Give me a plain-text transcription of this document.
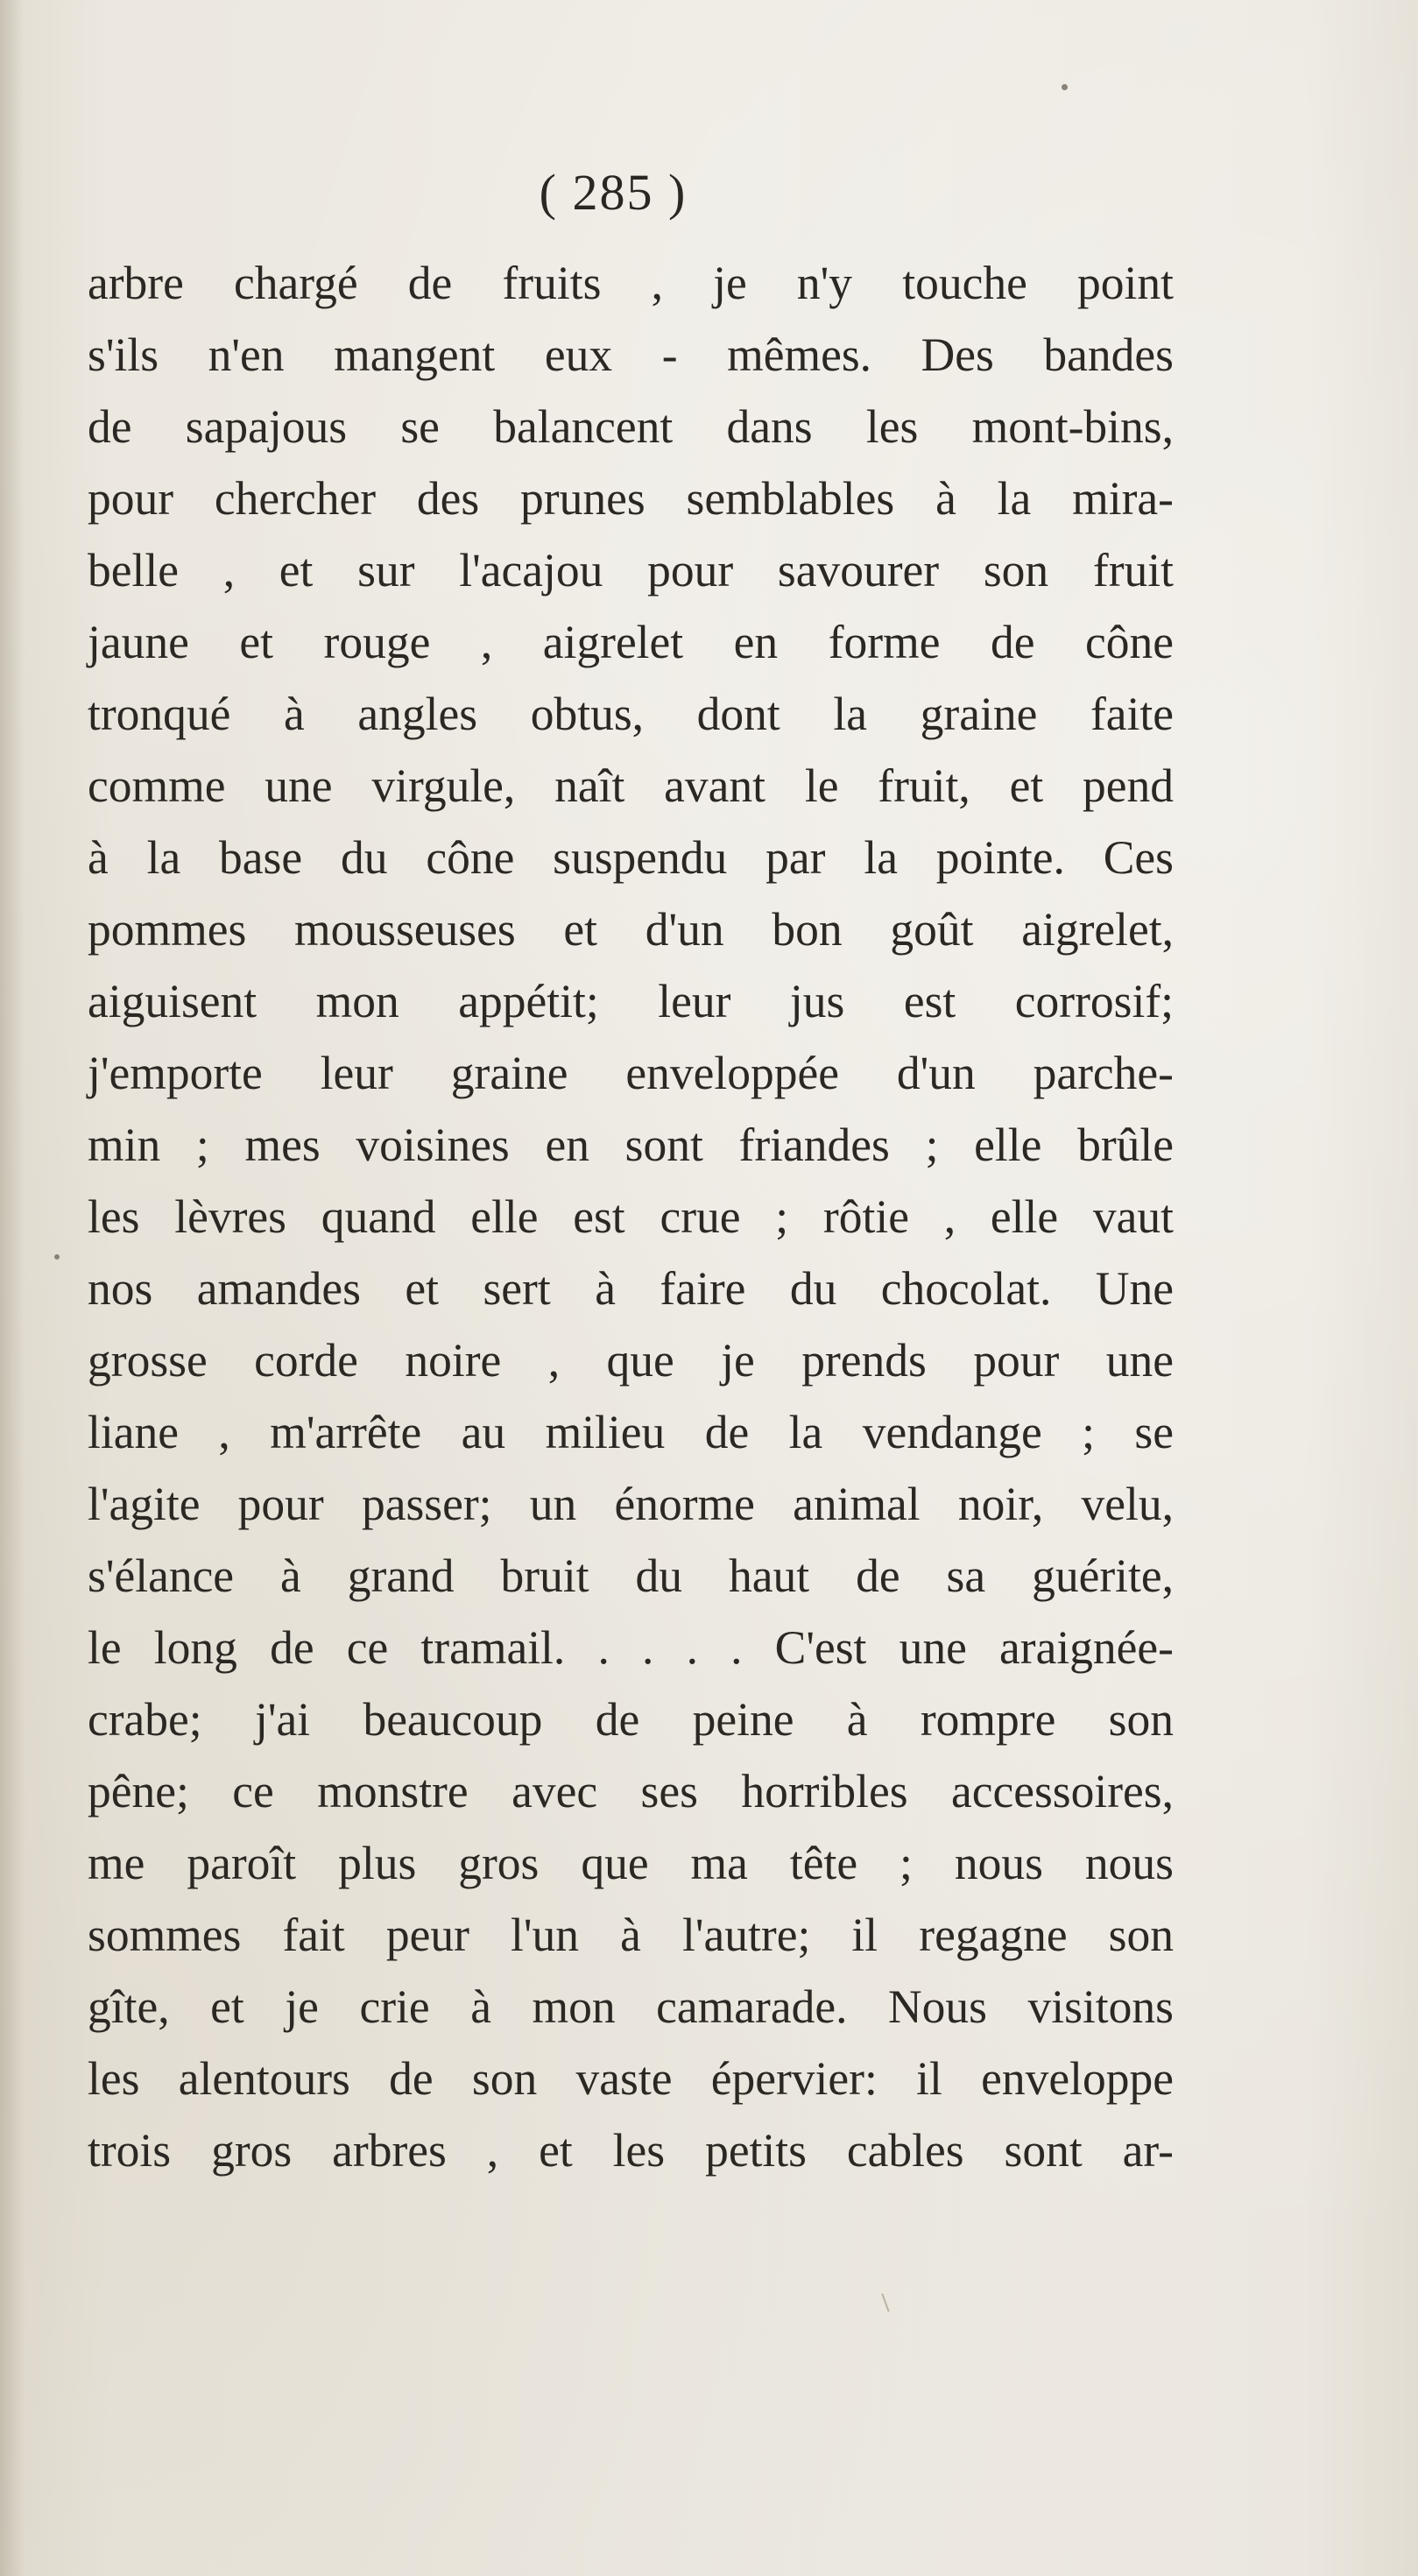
( 285 )
arbre chargé de fruits , je n'y touche point
s'ils n'en mangent eux - mêmes. Des bandes
de sapajous se balancent dans les mont-bins,
pour chercher des prunes semblables à la mira-
belle , et sur l'acajou pour savourer son fruit
jaune et rouge , aigrelet en forme de cône
tronqué à angles obtus, dont la graine faite
comme une virgule, naît avant le fruit, et pend
à la base du cône suspendu par la pointe. Ces
pommes mousseuses et d'un bon goût aigrelet,
aiguisent mon appétit; leur jus est corrosif;
j'emporte leur graine enveloppée d'un parche-
min ; mes voisines en sont friandes ; elle brûle
les lèvres quand elle est crue ; rôtie , elle vaut
nos amandes et sert à faire du chocolat. Une
grosse corde noire , que je prends pour une
liane , m'arrête au milieu de la vendange ; se
l'agite pour passer; un énorme animal noir, velu,
s'élance à grand bruit du haut de sa guérite,
le long de ce tramail. . . . . C'est une araignée-
crabe; j'ai beaucoup de peine à rompre son
pêne; ce monstre avec ses horribles accessoires,
me paroît plus gros que ma tête ; nous nous
sommes fait peur l'un à l'autre; il regagne son
gîte, et je crie à mon camarade. Nous visitons
les alentours de son vaste épervier: il enveloppe
trois gros arbres , et les petits cables sont ar-
